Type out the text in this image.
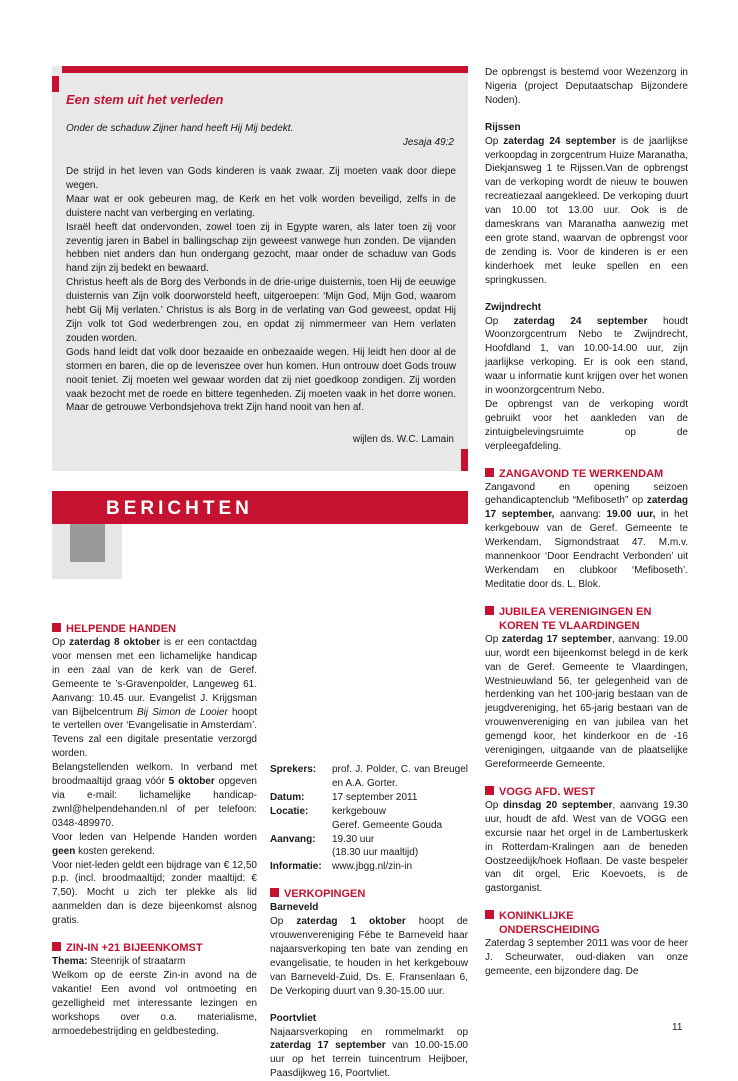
Een stem uit het verleden
Onder de schaduw Zijner hand heeft Hij Mij bedekt.
Jesaja 49:2

De strijd in het leven van Gods kinderen is vaak zwaar. Zij moeten vaak door diepe wegen.

Maar wat er ook gebeuren mag, de Kerk en het volk worden beveiligd, zelfs in de duistere nacht van verberging en verlating.

Israël heeft dat ondervonden, zowel toen zij in Egypte waren, als later toen zij voor zeventig jaren in Babel in ballingschap zijn geweest vanwege hun zonden. De vijanden hebben niet anders dan hun ondergang gezocht, maar onder de schaduw van Gods hand zijn zij bedekt en bewaard.

Christus heeft als de Borg des Verbonds in de drie-urige duisternis, toen Hij de eeuwige duisternis van Zijn volk doorworsteld heeft, uitgeroepen: ‘Mijn God, Mijn God, waarom hebt Gij Mij verlaten.’ Christus is als Borg in de verlating van God geweest, opdat Hij Zijn volk tot God wederbrengen zou, en opdat zij nimmermeer van Hem verlaten zouden worden.

Gods hand leidt dat volk door bezaaide en onbezaaide wegen. Hij leidt hen door al de stormen en baren, die op de levenszee over hun komen. Hun ontrouw doet Gods trouw nooit teniet. Zij moeten wel gewaar worden dat zij niet goedkoop zondigen. Zij worden vaak bezocht met de roede en bittere tegenheden. Zij moeten vaak in het dorre wonen. Maar de getrouwe Verbondsjehova trekt Zijn hand nooit van hen af.

wijlen ds. W.C. Lamain
BERICHTEN
HELPENDE HANDEN

Op zaterdag 8 oktober is er een contactdag voor mensen met een lichamelijke handicap in een zaal van de kerk van de Geref. Gemeente te ’s-Gravenpolder, Langeweg 61. Aanvang: 10.45 uur. Evangelist J. Krijgsman van Bijbelcentrum Bij Simon de Looier hoopt te vertellen over ‘Evangelisatie in Amsterdam’. Tevens zal een digitale presentatie verzorgd worden.

Belangstellenden welkom. In verband met broodmaaltijd graag vóór 5 oktober opgeven via e-mail: lichamelijke handicap-zwnl@helpendehanden.nl of per telefoon: 0348-489970.

Voor leden van Helpende Handen worden geen kosten gerekend.

Voor niet-leden geldt een bijdrage van € 12,50 p.p. (incl. broodmaaltijd; zonder maaltijd: € 7,50). Mocht u zich ter plekke als lid aanmelden dan is deze bijeenkomst alsnog gratis.

ZIN-IN +21 BIJEENKOMST

Thema: Steenrijk of straatarm

Welkom op de eerste Zin-in avond na de vakantie! Een avond vol ontmoeting en gezelligheid met interessante lezingen en workshops over o.a. materialisme, armoedebestrijding en geldbesteding.

Sprekers:	prof. J. Polder, C. van Breugel en A.A. Gorter.
Datum:	17 september 2011
Locatie:	kerkgebouw
	Geref. Gemeente Gouda
Aanvang:	19.30 uur
	(18.30 uur maaltijd)
Informatie:	www.jbgg.nl/zin-in
VERKOPINGEN

Barneveld

Op zaterdag 1 oktober hoopt de vrouwenvereniging Fébe te Barneveld haar najaarsverkoping ten bate van zending en evangelisatie, te houden in het kerkgebouw van Barneveld-Zuid, Ds. E. Fransenlaan 6, De Verkoping duurt van 9.30-15.00 uur.

Poortvliet

Najaarsverkoping en rommelmarkt op zaterdag 17 september van 10.00-15.00 uur op het terrein tuincentrum Heijboer, Paasdijkweg 16, Poortvliet.

De opbrengst is bestemd voor Wezenzorg in Nigeria (project Deputaatschap Bijzondere Noden).

Rijssen

Op zaterdag 24 september is de jaarlijkse verkoopdag in zorgcentrum Huize Maranatha, Diekjansweg 1 te Rijssen.Van de opbrengst van de verkoping wordt de nieuw te bouwen recreatiezaal aangekleed. De verkoping duurt van 10.00 tot 13.00 uur. Ook is de dameskrans van Maranatha aanwezig met een grote stand, waarvan de opbrengst voor de zending is. Voor de kinderen is er een kinderhoek met leuke spellen en een springkussen.

Zwijndrecht

Op zaterdag 24 september houdt Woonzorgcentrum Nebo te Zwijndrecht, Hoofdland 1, van 10.00-14.00 uur, zijn jaarlijkse verkoping. Er is ook een stand, waar u informatie kunt krijgen over het wonen in woonzorgcentrum Nebo.

De opbrengst van de verkoping wordt gebruikt voor het aankleden van de zintuigbelevingsruimte op de verpleegafdeling.

ZANGAVOND TE WERKENDAM

Zangavond en opening seizoen gehandicaptenclub “Mefiboseth” op zaterdag 17 september, aanvang: 19.00 uur, in het kerkgebouw van de Geref. Gemeente te Werkendam, Sigmondstraat 47. M.m.v. mannenkoor ‘Door Eendracht Verbonden’ uit Werkendam en clubkoor ‘Mefiboseth’. Meditatie door ds. L. Blok.

JUBILEA VERENIGINGEN EN
KOREN TE VLAARDINGEN

Op zaterdag 17 september, aanvang: 19.00 uur, wordt een bijeenkomst belegd in de kerk van de Geref. Gemeente te Vlaardingen, Westnieuwland 56, ter gelegenheid van de herdenking van het 100-jarig bestaan van de jeugdvereniging, het 65-jarig bestaan van de vrouwenvereniging en van jubilea van het gemengd koor, het kinderkoor en de -16 verenigingen, uitgaande van de plaatselijke Gereformeerde Gemeente.

VOGG AFD. WEST

Op dinsdag 20 september, aanvang 19.30 uur, houdt de afd. West van de VOGG een excursie naar het orgel in de Lambertuskerk in Rotterdam-Kralingen aan de beneden Oostzeedijk/hoek Hoflaan. De vaste bespeler van dit orgel, Eric Koevoets, is de gastorganist.

KONINKLIJKE
ONDERSCHEIDING

Zaterdag 3 september 2011 was voor de heer J. Scheurwater, oud-diaken van onze gemeente, een bijzondere dag. De

11
